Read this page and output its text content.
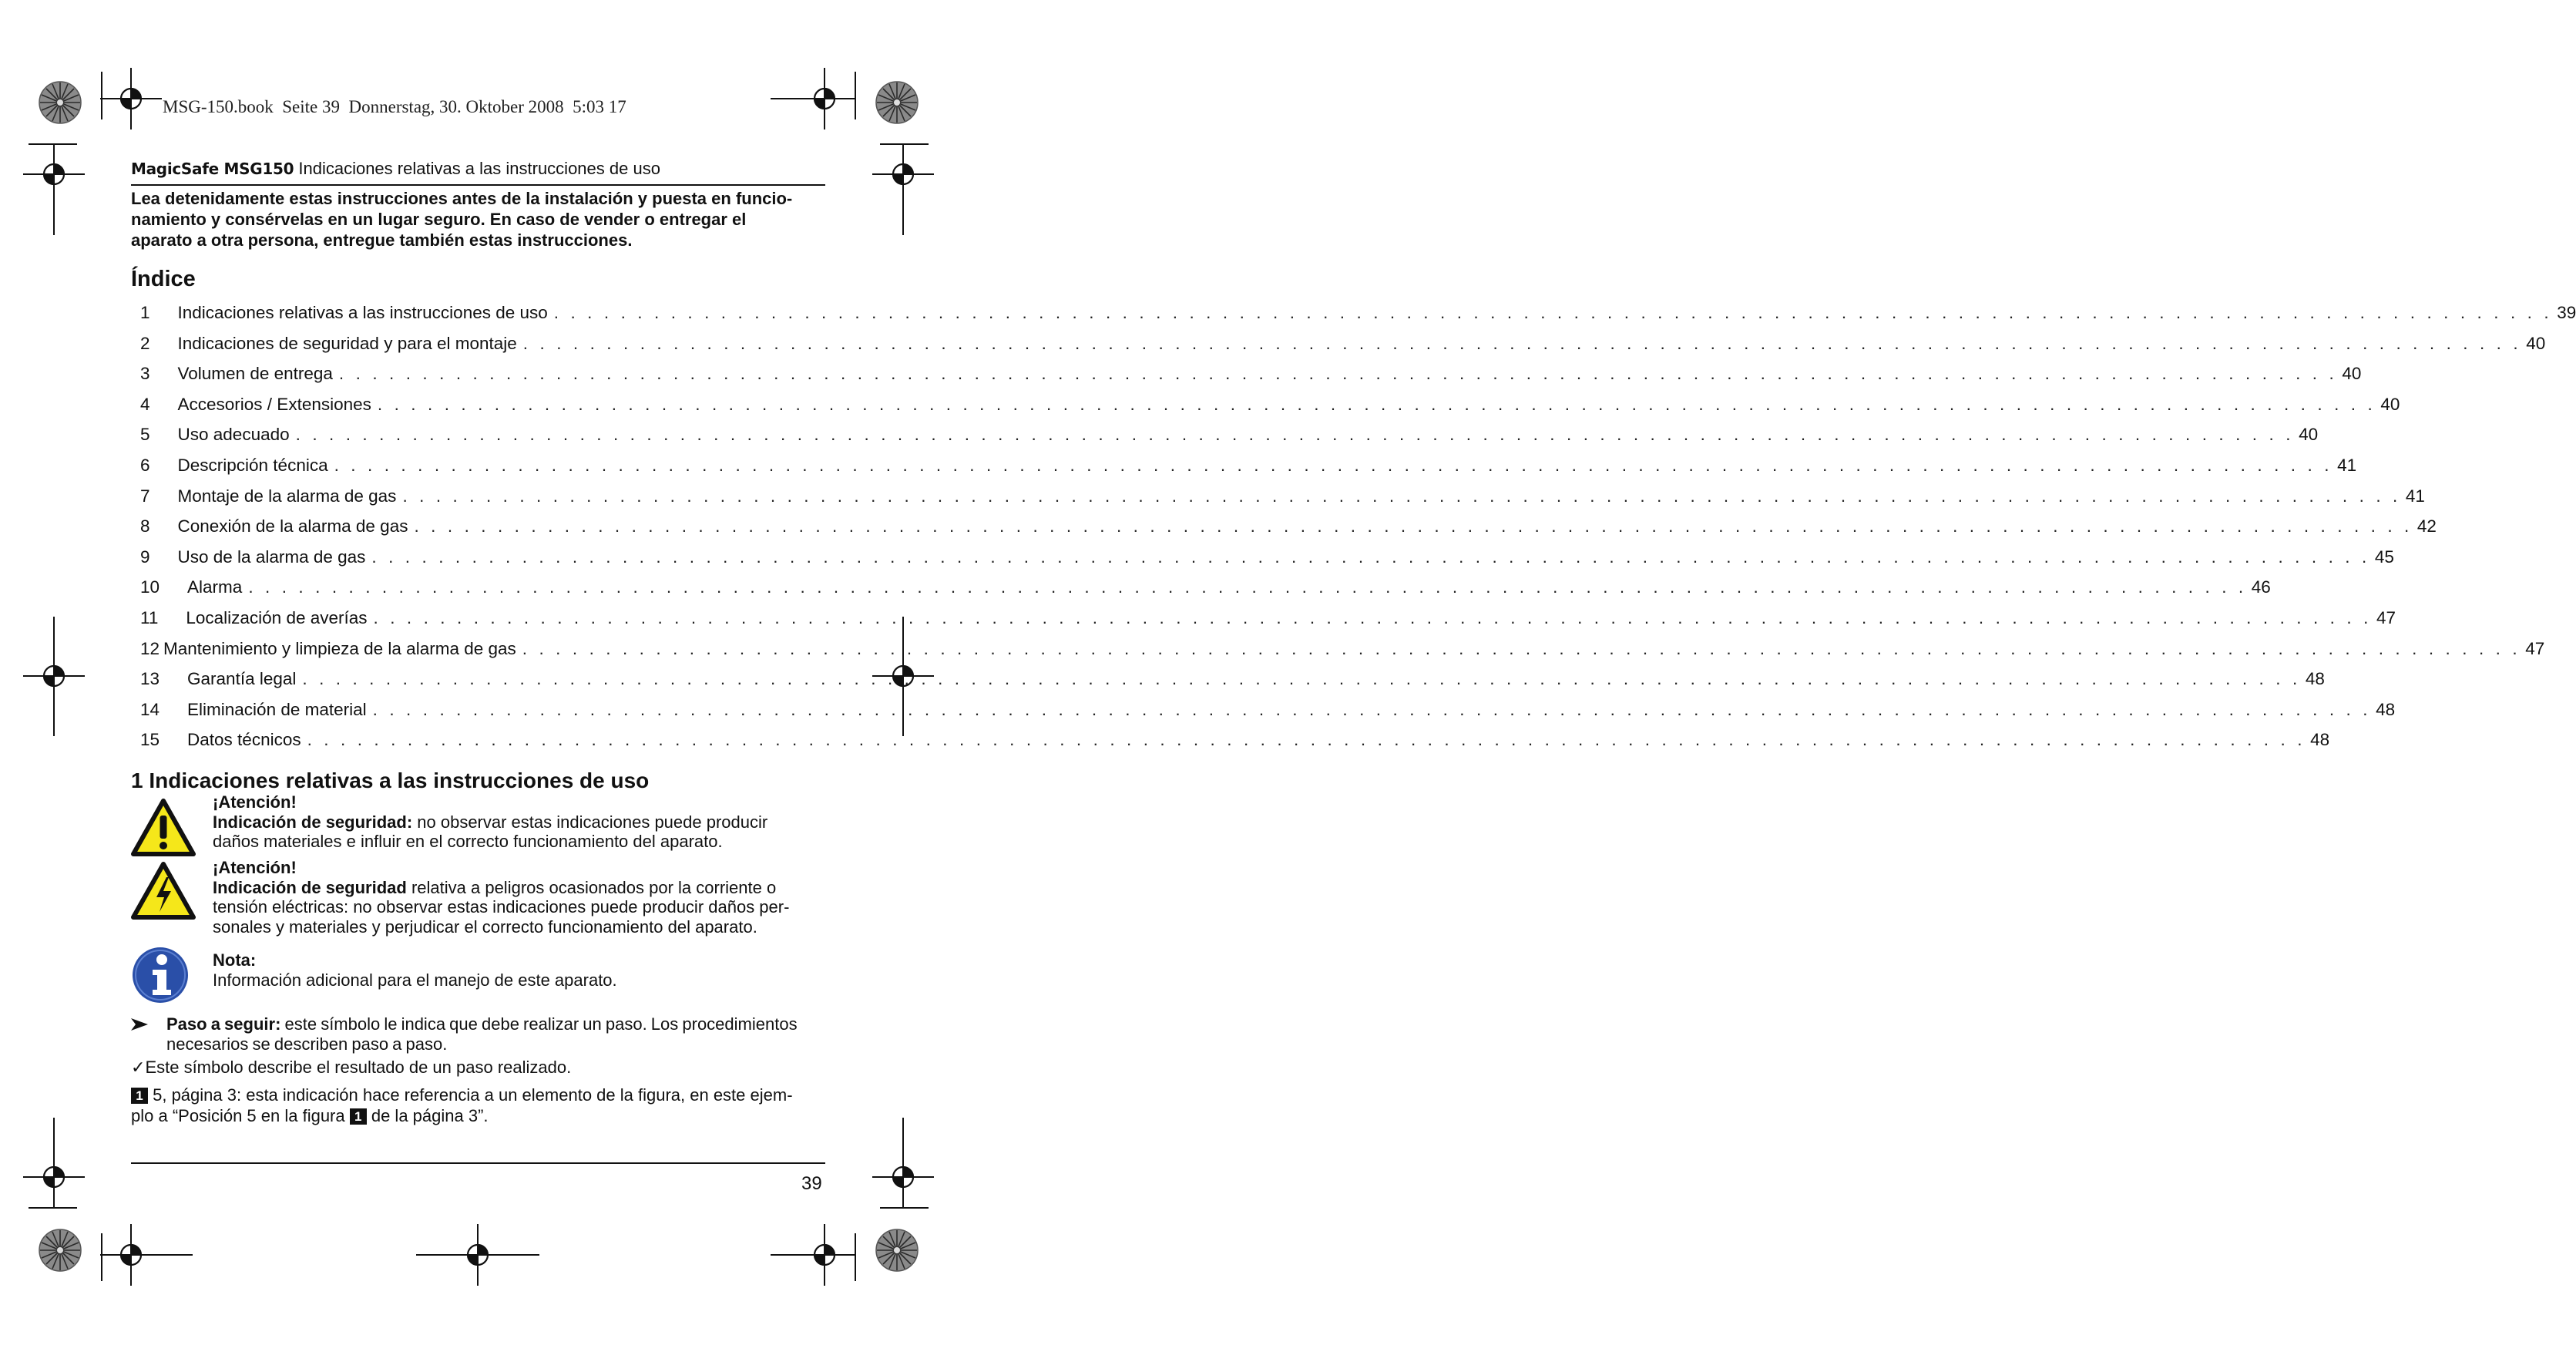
MSG-150.book  Seite 39  Donnerstag, 30. Oktober 2008  5:03 17
MagicSafe MSG150 Indicaciones relativas a las instrucciones de uso
Lea detenidamente estas instrucciones antes de la instalación y puesta en funcio-
namiento y consérvelas en un lugar seguro. En caso de vender o entregar el
aparato a otra persona, entregue también estas instrucciones.
Índice
1 Indicaciones relativas a las instrucciones de uso . . . . . . . . . . . . . . . . . . . . . . . . . . . . . . . . . . . . . . . . . . . . . . . . . . . . . . . . . . . . . . . . . . . . . . . . . . . . . . . . . . . . . . . . . . . . . . . . . . . . . . . . . . . . . . . . . . . . . . . . 39
2 Indicaciones de seguridad y para el montaje . . . . . . . . . . . . . . . . . . . . . . . . . . . . . . . . . . . . . . . . . . . . . . . . . . . . . . . . . . . . . . . . . . . . . . . . . . . . . . . . . . . . . . . . . . . . . . . . . . . . . . . . . . . . . . . . . . . . . . . . 40
3 Volumen de entrega . . . . . . . . . . . . . . . . . . . . . . . . . . . . . . . . . . . . . . . . . . . . . . . . . . . . . . . . . . . . . . . . . . . . . . . . . . . . . . . . . . . . . . . . . . . . . . . . . . . . . . . . . . . . . . . . . . . . . . . . 40
4 Accesorios / Extensiones . . . . . . . . . . . . . . . . . . . . . . . . . . . . . . . . . . . . . . . . . . . . . . . . . . . . . . . . . . . . . . . . . . . . . . . . . . . . . . . . . . . . . . . . . . . . . . . . . . . . . . . . . . . . . . . . . . . . . . . . 40
5 Uso adecuado . . . . . . . . . . . . . . . . . . . . . . . . . . . . . . . . . . . . . . . . . . . . . . . . . . . . . . . . . . . . . . . . . . . . . . . . . . . . . . . . . . . . . . . . . . . . . . . . . . . . . . . . . . . . . . . . . . . . . . . . 40
6 Descripción técnica . . . . . . . . . . . . . . . . . . . . . . . . . . . . . . . . . . . . . . . . . . . . . . . . . . . . . . . . . . . . . . . . . . . . . . . . . . . . . . . . . . . . . . . . . . . . . . . . . . . . . . . . . . . . . . . . . . . . . . . . 41
7 Montaje de la alarma de gas . . . . . . . . . . . . . . . . . . . . . . . . . . . . . . . . . . . . . . . . . . . . . . . . . . . . . . . . . . . . . . . . . . . . . . . . . . . . . . . . . . . . . . . . . . . . . . . . . . . . . . . . . . . . . . . . . . . . . . . . 41
8 Conexión de la alarma de gas . . . . . . . . . . . . . . . . . . . . . . . . . . . . . . . . . . . . . . . . . . . . . . . . . . . . . . . . . . . . . . . . . . . . . . . . . . . . . . . . . . . . . . . . . . . . . . . . . . . . . . . . . . . . . . . . . . . . . . . . 42
9 Uso de la alarma de gas . . . . . . . . . . . . . . . . . . . . . . . . . . . . . . . . . . . . . . . . . . . . . . . . . . . . . . . . . . . . . . . . . . . . . . . . . . . . . . . . . . . . . . . . . . . . . . . . . . . . . . . . . . . . . . . . . . . . . . . . 45
10 Alarma . . . . . . . . . . . . . . . . . . . . . . . . . . . . . . . . . . . . . . . . . . . . . . . . . . . . . . . . . . . . . . . . . . . . . . . . . . . . . . . . . . . . . . . . . . . . . . . . . . . . . . . . . . . . . . . . . . . . . . . . 46
11 Localización de averías . . . . . . . . . . . . . . . . . . . . . . . . . . . . . . . . . . . . . . . . . . . . . . . . . . . . . . . . . . . . . . . . . . . . . . . . . . . . . . . . . . . . . . . . . . . . . . . . . . . . . . . . . . . . . . . . . . . . . . . . 47
12 Mantenimiento y limpieza de la alarma de gas . . . . . . . . . . . . . . . . . . . . . . . . . . . . . . . . . . . . . . . . . . . . . . . . . . . . . . . . . . . . . . . . . . . . . . . . . . . . . . . . . . . . . . . . . . . . . . . . . . . . . . . . . . . . . . . . . . . . . . . . 47
13 Garantía legal . . . . . . . . . . . . . . . . . . . . . . . . . . . . . . . . . . . . . . . . . . . . . . . . . . . . . . . . . . . . . . . . . . . . . . . . . . . . . . . . . . . . . . . . . . . . . . . . . . . . . . . . . . . . . . . . . . . . . . . . 48
14 Eliminación de material . . . . . . . . . . . . . . . . . . . . . . . . . . . . . . . . . . . . . . . . . . . . . . . . . . . . . . . . . . . . . . . . . . . . . . . . . . . . . . . . . . . . . . . . . . . . . . . . . . . . . . . . . . . . . . . . . . . . . . . . 48
15 Datos técnicos . . . . . . . . . . . . . . . . . . . . . . . . . . . . . . . . . . . . . . . . . . . . . . . . . . . . . . . . . . . . . . . . . . . . . . . . . . . . . . . . . . . . . . . . . . . . . . . . . . . . . . . . . . . . . . . . . . . . . . . . 48
1 Indicaciones relativas a las instrucciones de uso
¡Atención!
Indicación de seguridad: no observar estas indicaciones puede producir
daños materiales e influir en el correcto funcionamiento del aparato.
¡Atención!
Indicación de seguridad relativa a peligros ocasionados por la corriente o
tensión eléctricas: no observar estas indicaciones puede producir daños per-
sonales y materiales y perjudicar el correcto funcionamiento del aparato.
Nota:
Información adicional para el manejo de este aparato.
Paso a seguir: este símbolo le indica que debe realizar un paso. Los procedimientos
necesarios se describen paso a paso.
✓Este símbolo describe el resultado de un paso realizado.
1 5, página 3: esta indicación hace referencia a un elemento de la figura, en este ejem-
plo a “Posición 5 en la figura 1 de la página 3”.
39
